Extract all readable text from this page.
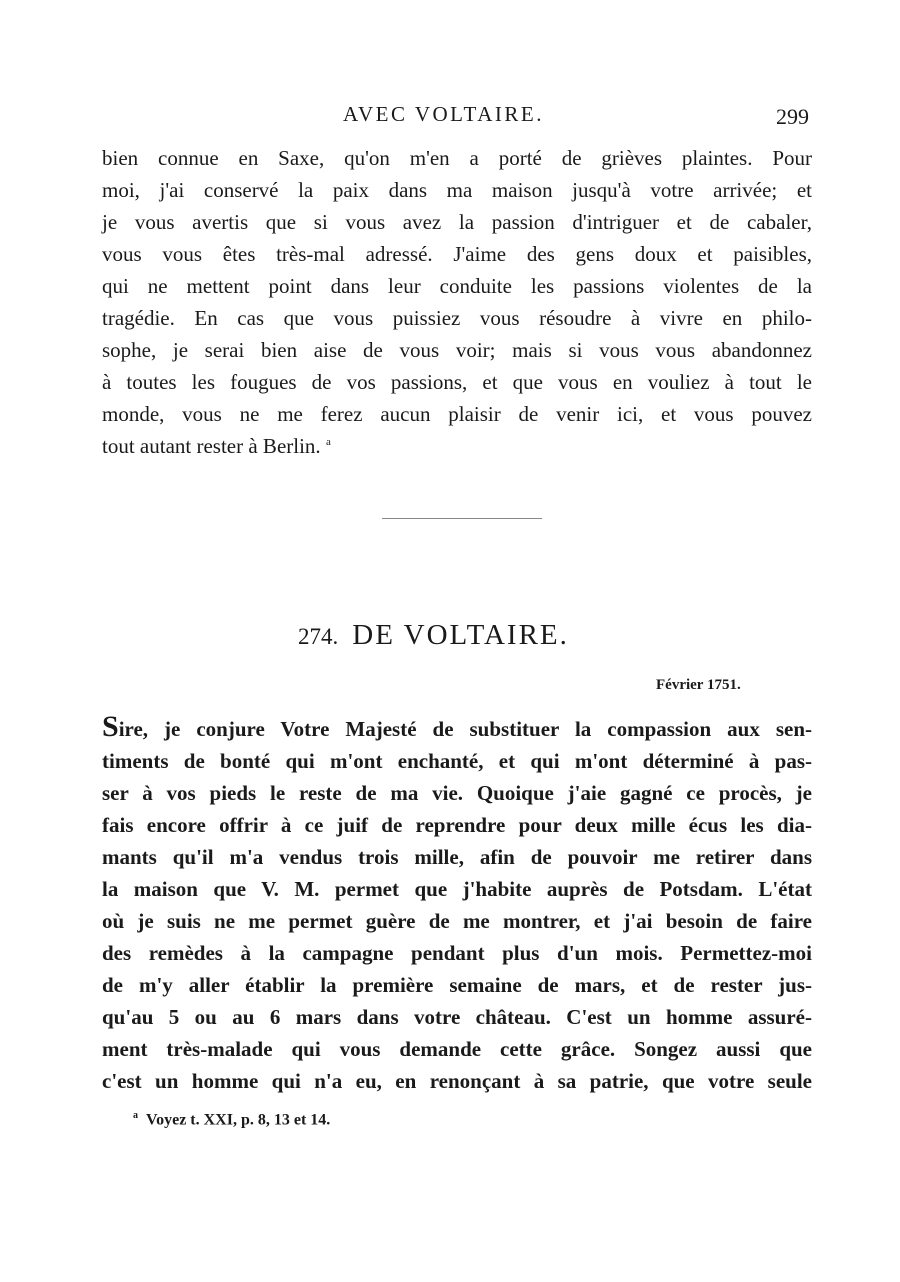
AVEC VOLTAIRE.	299
bien connue en Saxe, qu'on m'en a porté de grièves plaintes. Pour
moi, j'ai conservé la paix dans ma maison jusqu'à votre arrivée; et
je vous avertis que si vous avez la passion d'intriguer et de cabaler,
vous vous êtes très-mal adressé. J'aime des gens doux et paisibles,
qui ne mettent point dans leur conduite les passions violentes de la
tragédie. En cas que vous puissiez vous résoudre à vivre en philo-
sophe, je serai bien aise de vous voir; mais si vous vous abandonnez
à toutes les fougues de vos passions, et que vous en vouliez à tout le
monde, vous ne me ferez aucun plaisir de venir ici, et vous pouvez
tout autant rester à Berlin. $^a$
274. DE VOLTAIRE.
Février 1751.
Sire, je conjure Votre Majesté de substituer la compassion aux sen-
timents de bonté qui m'ont enchanté, et qui m'ont déterminé à pas-
ser à vos pieds le reste de ma vie. Quoique j'aie gagné ce procès, je
fais encore offrir à ce juif de reprendre pour deux mille écus les dia-
mants qu'il m'a vendus trois mille, afin de pouvoir me retirer dans
la maison que V. M. permet que j'habite auprès de Potsdam. L'état
où je suis ne me permet guère de me montrer, et j'ai besoin de faire
des remèdes à la campagne pendant plus d'un mois. Permettez-moi
de m'y aller établir la première semaine de mars, et de rester jus-
qu'au 5 ou au 6 mars dans votre château. C'est un homme assuré-
ment très-malade qui vous demande cette grâce. Songez aussi que
c'est un homme qui n'a eu, en renonçant à sa patrie, que votre seule
$^a$ Voyez t. XXI, p. 8, 13 et 14.
